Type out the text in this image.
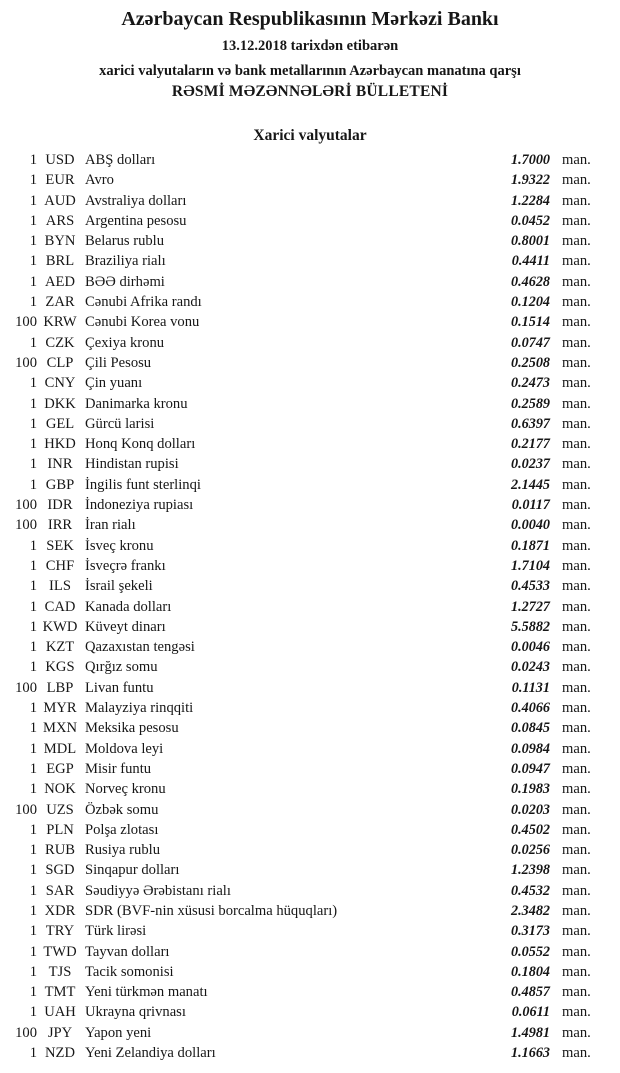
Azərbaycan Respublikasının Mərkəzi Bankı
13.12.2018 tarixdən etibarən
xarici valyutaların və bank metallarının Azərbaycan manatına qarşı
RƏSMİ MƏZƏNNƏLƏRİ BÜLLETENİ
Xarici valyutalar
1 USD ABŞ dolları	1.7000 man.
1 EUR Avro	1.9322 man.
1 AUD Avstraliya dolları	1.2284 man.
1 ARS Argentina pesosu	0.0452 man.
1 BYN Belarus rublu	0.8001 man.
1 BRL Braziliya rialı	0.4411 man.
1 AED BƏƏ dirhəmi	0.4628 man.
1 ZAR Cənubi Afrika randı	0.1204 man.
100 KRW Cənubi Korea vonu	0.1514 man.
1 CZK Çexiya kronu	0.0747 man.
100 CLP Çili Pesosu	0.2508 man.
1 CNY Çin yuanı	0.2473 man.
1 DKK Danimarka kronu	0.2589 man.
1 GEL Gürcü larisi	0.6397 man.
1 HKD Honq Konq dolları	0.2177 man.
1 INR Hindistan rupisi	0.0237 man.
1 GBP İngilis funt sterlinqi	2.1445 man.
100 IDR İndoneziya rupiası	0.0117 man.
100 IRR İran rialı	0.0040 man.
1 SEK İsveç kronu	0.1871 man.
1 CHF İsveçrə frankı	1.7104 man.
1 ILS İsrail şekeli	0.4533 man.
1 CAD Kanada dolları	1.2727 man.
1 KWD Küveyt dinarı	5.5882 man.
1 KZT Qazaxıstan tengəsi	0.0046 man.
1 KGS Qırğız somu	0.0243 man.
100 LBP Livan funtu	0.1131 man.
1 MYR Malayziya rinqqiti	0.4066 man.
1 MXN Meksika pesosu	0.0845 man.
1 MDL Moldova leyi	0.0984 man.
1 EGP Misir funtu	0.0947 man.
1 NOK Norveç kronu	0.1983 man.
100 UZS Özbək somu	0.0203 man.
1 PLN Polşa zlotası	0.4502 man.
1 RUB Rusiya rublu	0.0256 man.
1 SGD Sinqapur dolları	1.2398 man.
1 SAR Səudiyyə Ərəbistanı rialı	0.4532 man.
1 XDR SDR (BVF-nin xüsusi borcalma hüquqları)	2.3482 man.
1 TRY Türk lirəsi	0.3173 man.
1 TWD Tayvan dolları	0.0552 man.
1 TJS Tacik somonisi	0.1804 man.
1 TMT Yeni türkmən manatı	0.4857 man.
1 UAH Ukrayna qrivnası	0.0611 man.
100 JPY Yapon yeni	1.4981 man.
1 NZD Yeni Zelandiya dolları	1.1663 man.
